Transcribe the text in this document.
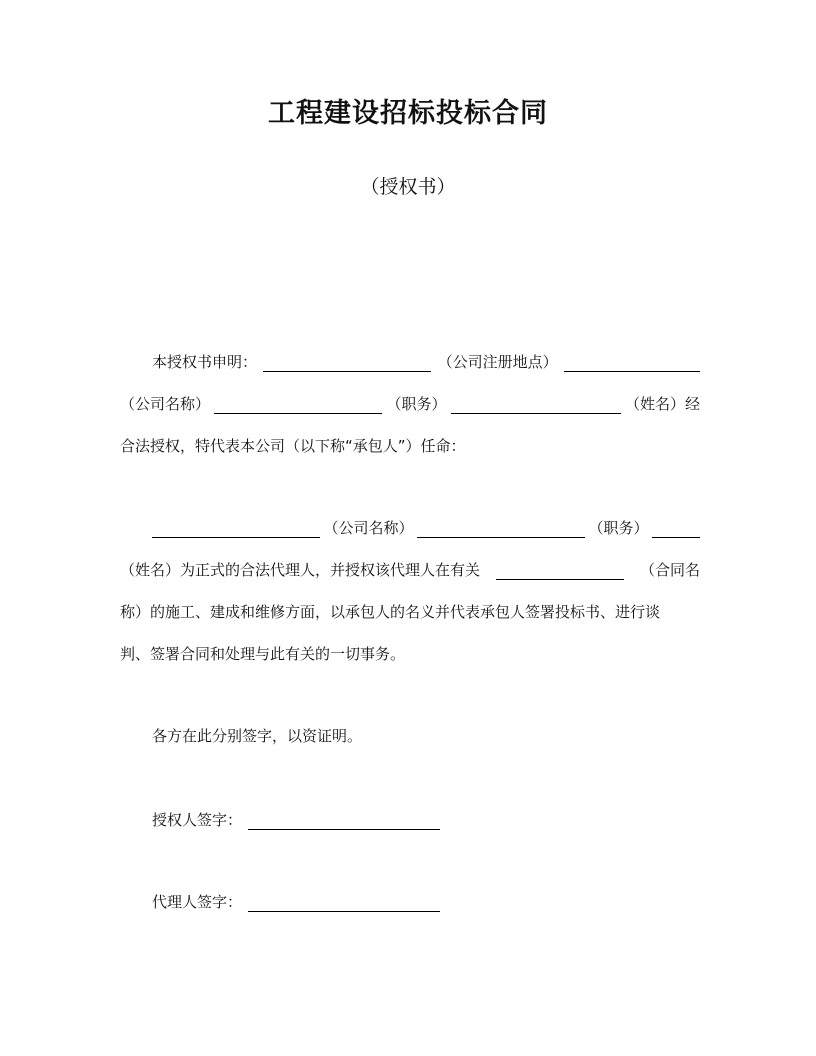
工程建设招标投标合同

（授权书）

本授权书申明：	（公司注册地点）
（公司名称）	（职务）	（姓名）经
合法授权，特代表本公司（以下称“承包人”）任命：
（公司名称）	（职务）
（姓名）为正式的合法代理人，并授权该代理人在有关	（合同名
称）的施工、建成和维修方面，以承包人的名义并代表承包人签署投标书、进行谈
判、签署合同和处理与此有关的一切事务。
各方在此分别签字，以资证明。
授权人签字：
代理人签字：
